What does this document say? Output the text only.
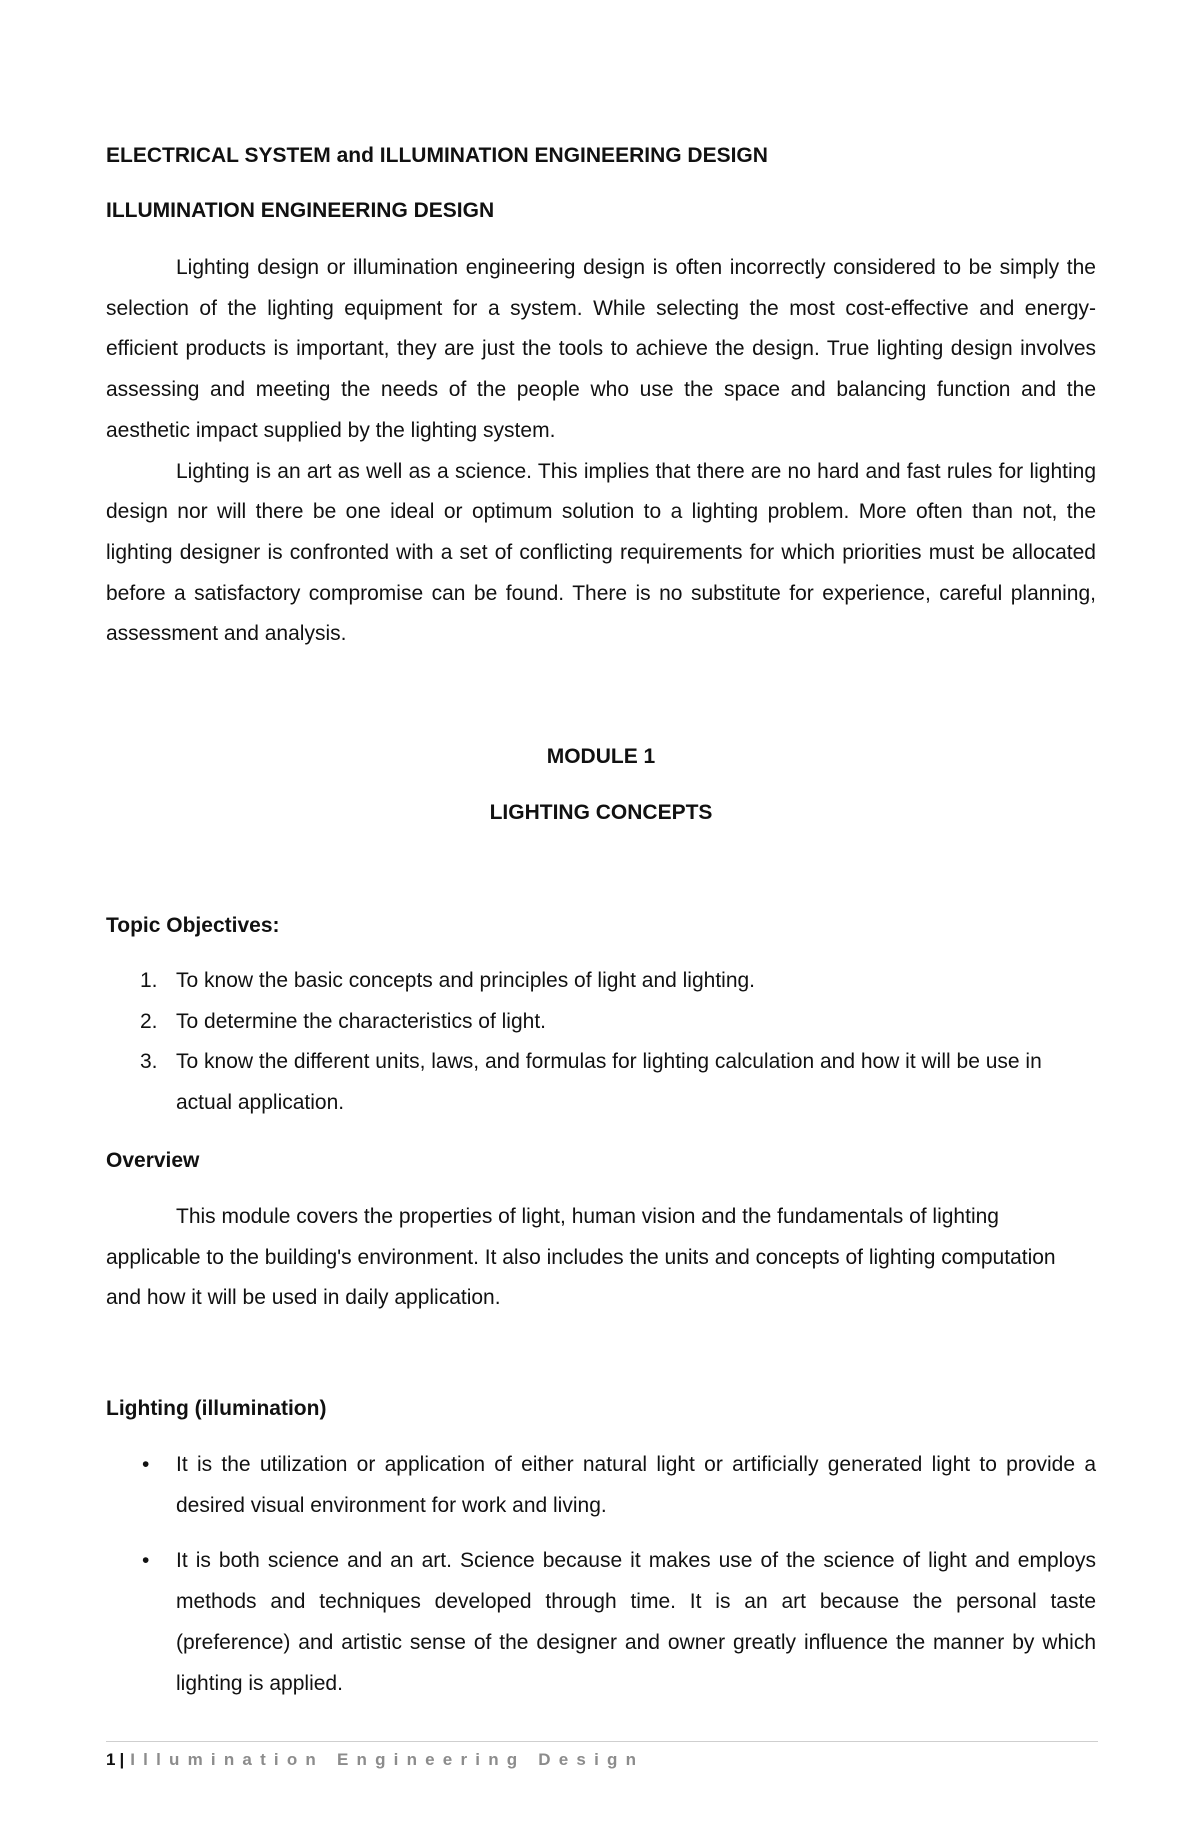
ELECTRICAL SYSTEM and ILLUMINATION ENGINEERING DESIGN
ILLUMINATION ENGINEERING DESIGN

Lighting design or illumination engineering design is often incorrectly considered to be simply the selection of the lighting equipment for a system. While selecting the most cost-effective and energy-efficient products is important, they are just the tools to achieve the design. True lighting design involves assessing and meeting the needs of the people who use the space and balancing function and the aesthetic impact supplied by the lighting system.

Lighting is an art as well as a science. This implies that there are no hard and fast rules for lighting design nor will there be one ideal or optimum solution to a lighting problem. More often than not, the lighting designer is confronted with a set of conflicting requirements for which priorities must be allocated before a satisfactory compromise can be found. There is no substitute for experience, careful planning, assessment and analysis.

MODULE 1
LIGHTING CONCEPTS
Topic Objectives:
1. To know the basic concepts and principles of light and lighting.
2. To determine the characteristics of light.
3. To know the different units, laws, and formulas for lighting calculation and how it will be use in actual application.
Overview

This module covers the properties of light, human vision and the fundamentals of lighting applicable to the building's environment. It also includes the units and concepts of lighting computation and how it will be used in daily application.

Lighting (illumination)
• It is the utilization or application of either natural light or artificially generated light to provide a desired visual environment for work and living.
• It is both science and an art. Science because it makes use of the science of light and employs methods and techniques developed through time. It is an art because the personal taste (preference) and artistic sense of the designer and owner greatly influence the manner by which lighting is applied.
1 | Illumination Engineering Design
